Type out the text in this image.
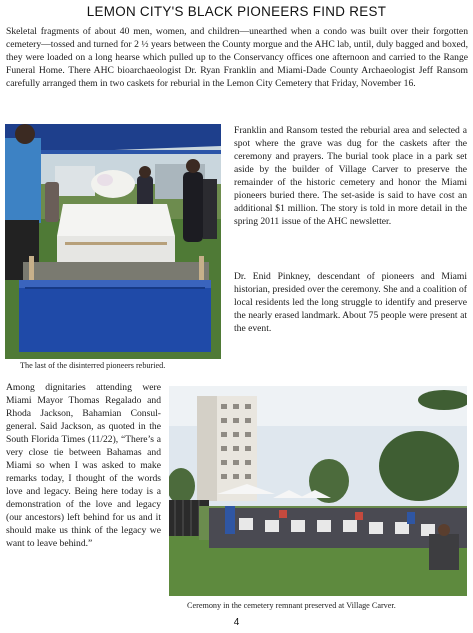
LEMON CITY'S BLACK PIONEERS FIND REST

Skeletal fragments of about 40 men, women, and children—unearthed when a condo was built over their forgotten cemetery—tossed and turned for 2 ½ years between the County morgue and the AHC lab, until, duly bagged and boxed, they were loaded on a long hearse which pulled up to the Conservancy offices one afternoon and carried to the Range Funeral Home. There AHC bioarchaeologist Dr. Ryan Franklin and Miami-Dade County Archaeologist Jeff Ransom carefully arranged them in two caskets for reburial in the Lemon City Cemetery that Friday, November 16.

The last of the disinterred pioneers reburied.

Franklin and Ransom tested the reburial area and selected a spot where the grave was dug for the caskets after the ceremony and prayers. The burial took place in a park set aside by the builder of Village Carver to preserve the remainder of the historic cemetery and honor the Miami pioneers buried there. The set-aside is said to have cost an additional $1 million. The story is told in more detail in the spring 2011 issue of the AHC newsletter.

Dr. Enid Pinkney, descendant of pioneers and Miami historian, presided over the ceremony. She and a coalition of local residents led the long struggle to identify and preserve the nearly erased landmark. About 75 people were present at the event.

Among dignitaries attending were Miami Mayor Thomas Regalado and Rhoda Jackson, Bahamian Consul-general. Said Jackson, as quoted in the South Florida Times (11/22), “There’s a very close tie between Bahamas and Miami so when I was asked to make remarks today, I thought of the words love and legacy. Being here today is a demonstration of the love and legacy (our ancestors) left behind for us and it should make us think of the legacy we want to leave behind.”

Ceremony in the cemetery remnant preserved at Village Carver.
4
